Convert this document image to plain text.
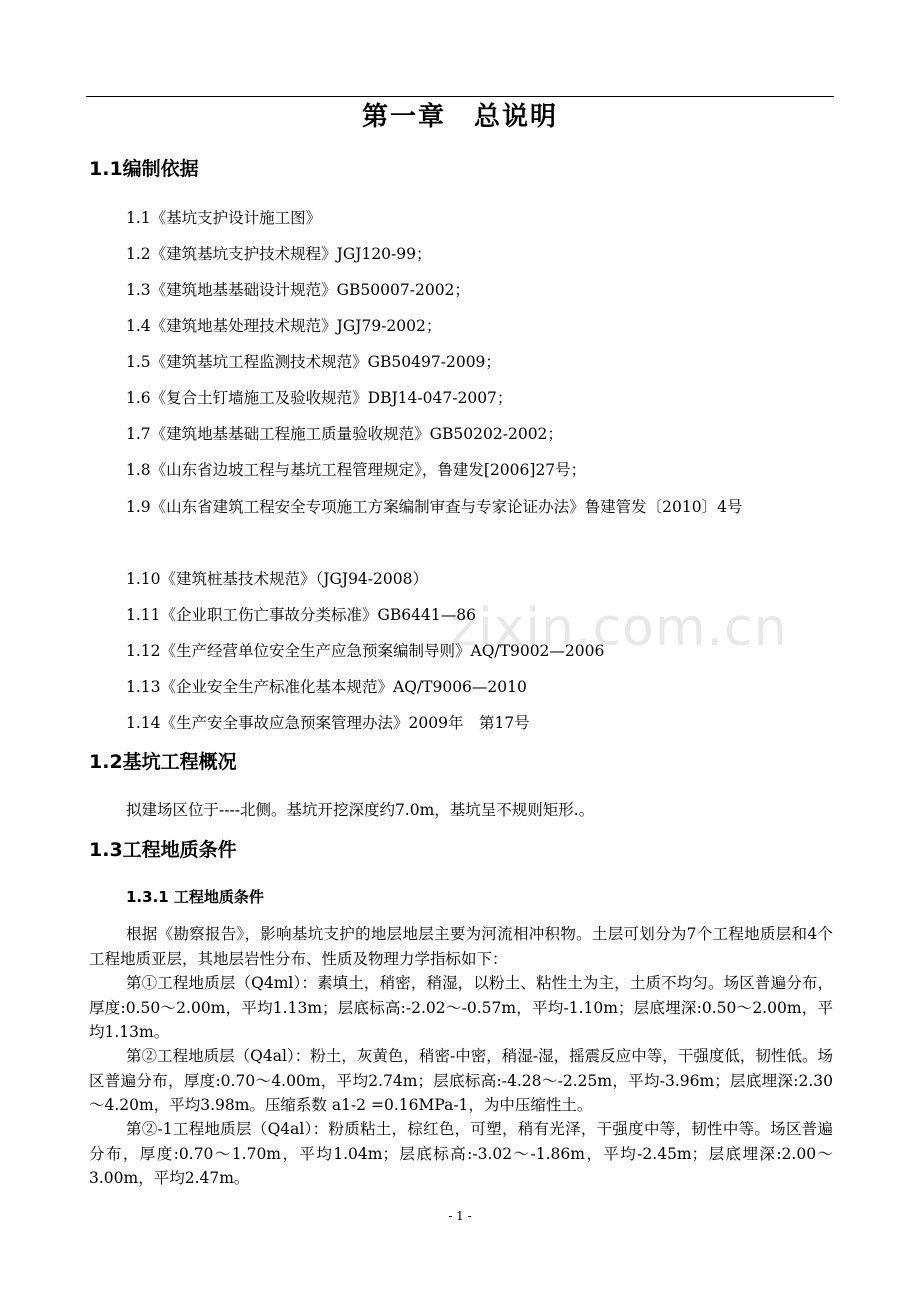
zixin.com.cn
第一章　总说明
1.1编制依据
1.1《基坑支护设计施工图》
1.2《建筑基坑支护技术规程》JGJ120-99；
1.3《建筑地基基础设计规范》GB50007-2002；
1.4《建筑地基处理技术规范》JGJ79-2002；
1.5《建筑基坑工程监测技术规范》GB50497-2009；
1.6《复合土钉墙施工及验收规范》DBJ14-047-2007；
1.7《建筑地基基础工程施工质量验收规范》GB50202-2002；
1.8《山东省边坡工程与基坑工程管理规定》，鲁建发[2006]27号；

1.9《山东省建筑工程安全专项施工方案编制审查与专家论证办法》鲁建管发〔2010〕4号

1.10《建筑桩基技术规范》（JGJ94-2008）
1.11《企业职工伤亡事故分类标准》GB6441—86
1.12《生产经营单位安全生产应急预案编制导则》AQ/T9002—2006
1.13《企业安全生产标准化基本规范》AQ/T9006—2010
1.14《生产安全事故应急预案管理办法》2009年　第17号
1.2基坑工程概况
拟建场区位于----北侧。基坑开挖深度约7.0m，基坑呈不规则矩形.。
1.3工程地质条件
1.3.1 工程地质条件

根据《勘察报告》，影响基坑支护的地层地层主要为河流相冲积物。土层可划分为7个工程地质层和4个工程地质亚层，其地层岩性分布、性质及物理力学指标如下：

第①工程地质层（Q4ml）：素填土，稍密，稍湿，以粉土、粘性土为主，土质不均匀。场区普遍分布，厚度:0.50～2.00m，平均1.13m；层底标高:-2.02～-0.57m，平均-1.10m；层底埋深:0.50～2.00m，平均1.13m。

第②工程地质层（Q4al）：粉土，灰黄色，稍密-中密，稍湿-湿，摇震反应中等，干强度低，韧性低。场区普遍分布，厚度:0.70～4.00m，平均2.74m；层底标高:-4.28～-2.25m，平均-3.96m；层底埋深:2.30～4.20m，平均3.98m。压缩系数 a1-2 =0.16MPa-1，为中压缩性土。

第②-1工程地质层（Q4al）：粉质粘土，棕红色，可塑，稍有光泽，干强度中等，韧性中等。场区普遍分布，厚度:0.70～1.70m，平均1.04m；层底标高:-3.02～-1.86m，平均-2.45m；层底埋深:2.00～3.00m，平均2.47m。

- 1 -
